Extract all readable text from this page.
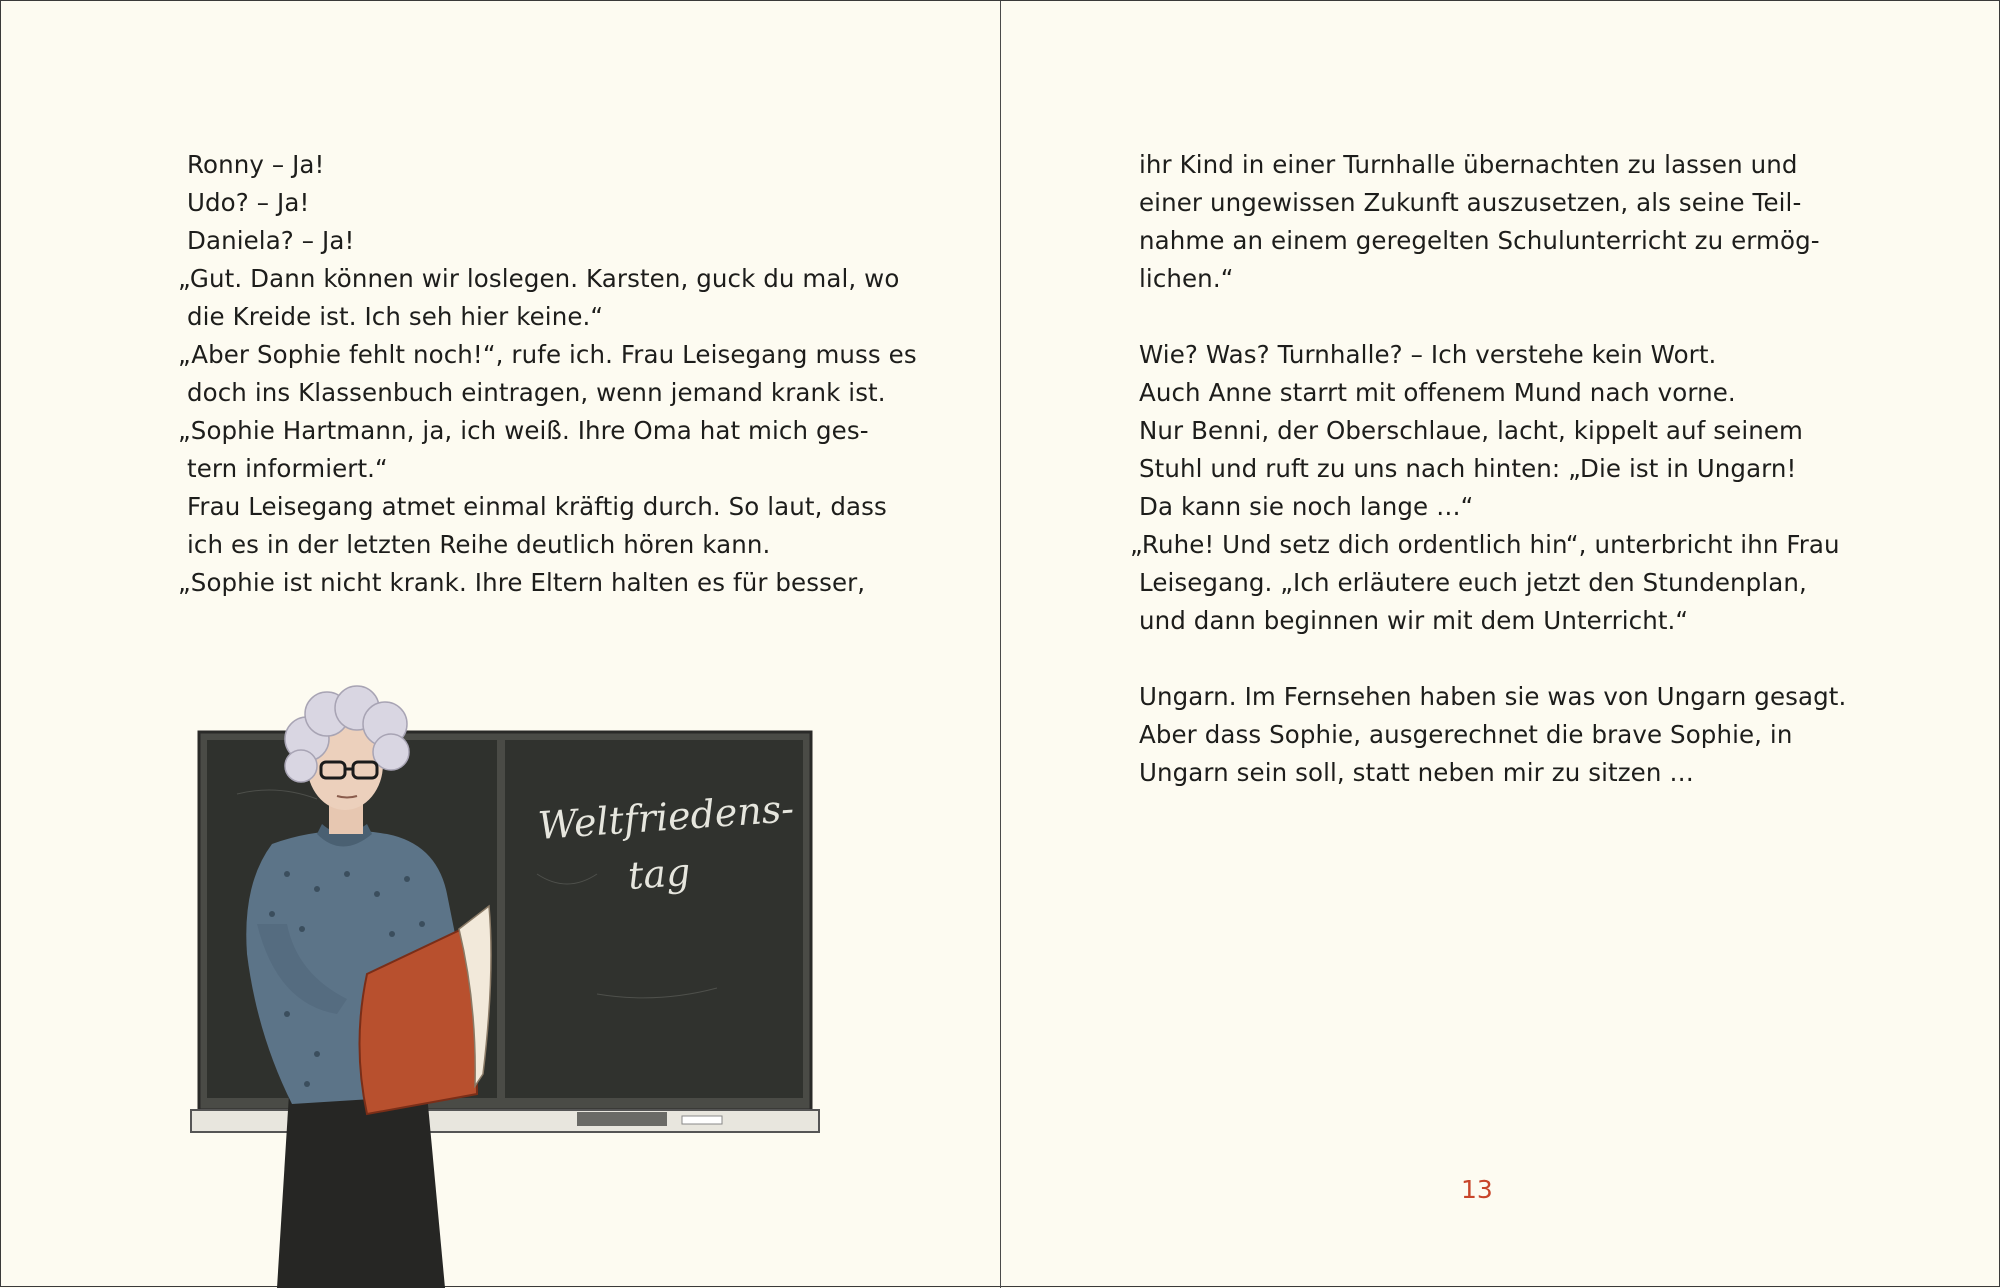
Ronny – Ja!
Udo? – Ja!
Daniela? – Ja!
„Gut. Dann können wir loslegen. Karsten, guck du mal, wo
die Kreide ist. Ich seh hier keine.“
„Aber Sophie fehlt noch!“, rufe ich. Frau Leisegang muss es
doch ins Klassenbuch eintragen, wenn jemand krank ist.
„Sophie Hartmann, ja, ich weiß. Ihre Oma hat mich ges-
tern informiert.“
Frau Leisegang atmet einmal kräftig durch. So laut, dass
ich es in der letzten Reihe deutlich hören kann.
„Sophie ist nicht krank. Ihre Eltern halten es für besser,
Weltfriedens-
tag
ihr Kind in einer Turnhalle übernachten zu lassen und
einer ungewissen Zukunft auszusetzen, als seine Teil-
nahme an einem geregelten Schulunterricht zu ermög-
lichen.“
Wie? Was? Turnhalle? – Ich verstehe kein Wort.
Auch Anne starrt mit offenem Mund nach vorne.
Nur Benni, der Oberschlaue, lacht, kippelt auf seinem
Stuhl und ruft zu uns nach hinten: „Die ist in Ungarn!
Da kann sie noch lange …“
„Ruhe! Und setz dich ordentlich hin“, unterbricht ihn Frau
Leisegang. „Ich erläutere euch jetzt den Stundenplan,
und dann beginnen wir mit dem Unterricht.“
Ungarn. Im Fernsehen haben sie was von Ungarn gesagt.
Aber dass Sophie, ausgerechnet die brave Sophie, in
Ungarn sein soll, statt neben mir zu sitzen …
13
